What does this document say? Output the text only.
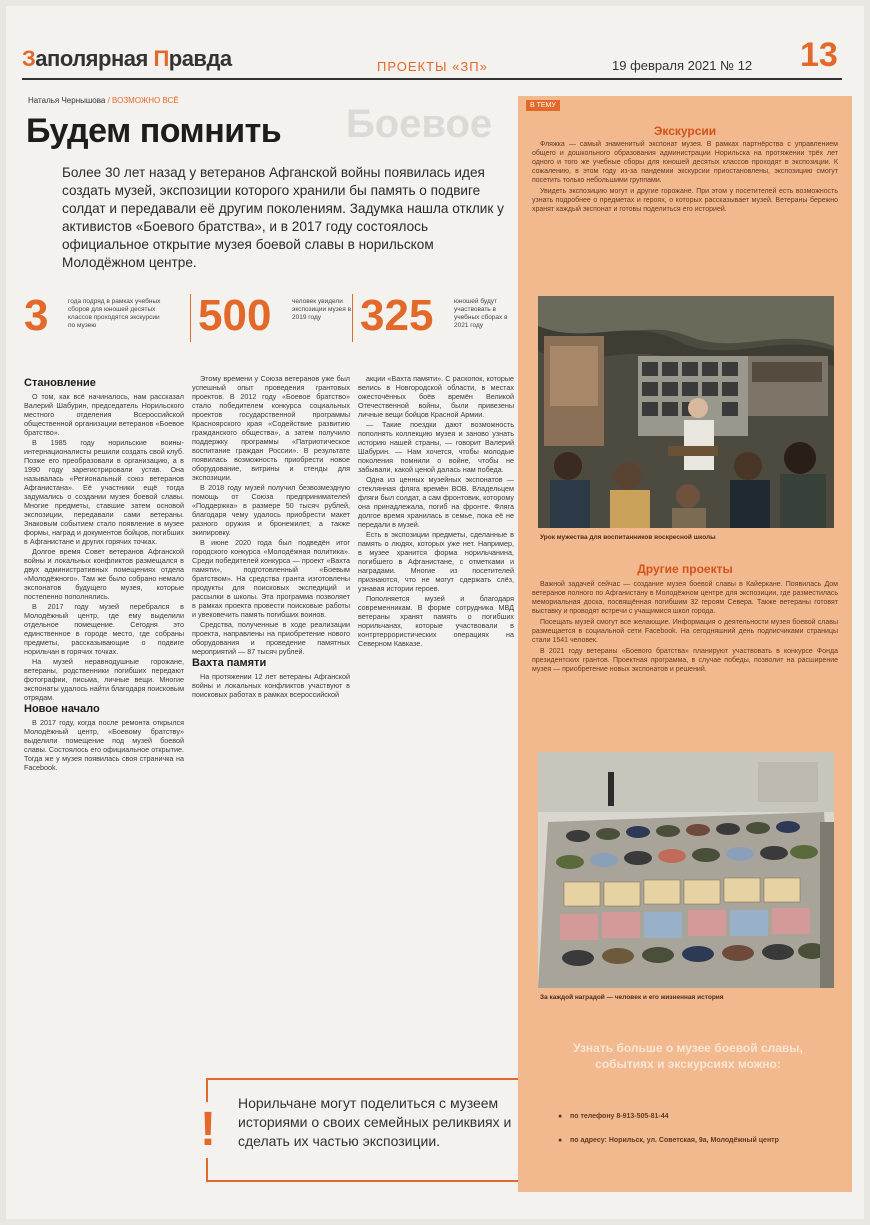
Заполярная Правда	ПРОЕКТЫ «ЗП»	19 февраля 2021 № 12 13
Наталья Чернышова / ВОЗМОЖНО ВСЁ
Боевое
Будем помнить
Более 30 лет назад у ветеранов Афганской войны появилась идея создать музей, экспозиции которого хранили бы память о подвиге солдат и передавали её другим поколениям. Задумка нашла отклик у активистов «Боевого братства», и в 2017 году состоялось официальное открытие музея боевой славы в норильском Молодёжном центре.
3	года подряд в рамках учебных сборов для юношей десятых классов проходятся экскурсии по музею	500	человек увидели экспозиции музея в 2019 году 325	юношей будут участвовать в учебных сборах в 2021 году
Становление

О том, как всё начиналось, нам рассказал Валерий Шабурин, председатель Норильского местного отделения Всероссийской общественной организации ветеранов «Боевое братство».

В 1985 году норильские воины-интернационалисты решили создать свой клуб. Позже его преобразовали в организацию, а в 1990 году зарегистрировали устав. Она называлась «Региональный союз ветеранов Афганистана». Её участники ещё тогда задумались о создании музея боевой славы. Многие предметы, ставшие затем основой экспозиции, передавали сами ветераны. Знаковым событием стало появление в музее формы, наград и документов бойцов, погибших в Афганистане и других горячих точках.

Долгое время Совет ветеранов Афганской войны и локальных конфликтов размещался в двух административных помещениях отдела «Молодёжного». Там же было собрано немало экспонатов будущего музея, которые постепенно пополнялись.

В 2017 году музей перебрался в Молодёжный центр, где ему выделили отдельное помещение. Сегодня это единственное в городе место, где собраны предметы, рассказывающие о подвиге норильчан в горячих точках.

На музей неравнодушные горожане, ветераны, родственники погибших передают фотографии, письма, личные вещи. Многие экспонаты удалось найти благодаря поисковым отрядам.

Новое начало

В 2017 году, когда после ремонта открылся Молодёжный центр, «Боевому братству» выделили помещение под музей боевой славы. Состоялось его официальное открытие. Тогда же у музея появилась своя страничка на Facebook.

Этому времени у Союза ветеранов уже был успешный опыт проведения грантовых проектов. В 2012 году «Боевое братство» стало победителем конкурса социальных проектов государственной программы Красноярского края «Содействие развитию гражданского общества», а затем получило поддержку программы «Патриотическое воспитание граждан России». В результате появилась возможность приобрести новое оборудование, витрины и стенды для экспозиции.

В 2018 году музей получил безвозмездную помощь от Союза предпринимателей «Поддержка» в размере 50 тысяч рублей, благодаря чему удалось приобрести макет разного оружия и бронежилет, а также экипировку.

В июне 2020 года был подведён итог городского конкурса «Молодёжная политика». Среди победителей конкурса — проект «Вахта памяти», подготовленный «Боевым братством». На средства гранта изготовлены продукты для поисковых экспедиций и рассылки в школы. Эта программа позволяет в рамках проекта провести поисковые работы и увековечить память погибших воинов.

Средства, полученные в ходе реализации проекта, направлены на приобретение нового оборудования и проведение памятных мероприятий — 87 тысяч рублей.

Вахта памяти

На протяжении 12 лет ветераны Афганской войны и локальных конфликтов участвуют в поисковых работах в рамках всероссийской

акции «Вахта памяти». С раскопок, которые велись в Новгородской области, в местах ожесточённых боёв времён Великой Отечественной войны, были привезены личные вещи бойцов Красной Армии.

— Такие поездки дают возможность пополнять коллекцию музея и заново узнать историю нашей страны, — говорит Валерий Шабурин. — Нам хочется, чтобы молодые поколения помнили о войне, чтобы не забывали, какой ценой далась нам победа.

Одна из ценных музейных экспонатов — стеклянная фляга времён ВОВ. Владельцем фляги был солдат, а сам фронтовик, которому она принадлежала, погиб на фронте. Фляга долгое время хранилась в семье, пока её не передали в музей.

Есть в экспозиции предметы, сделанные в память о людях, которых уже нет. Например, в музее хранится форма норильчанина, погибшего в Афганистане, с отметками и наградами. Многие из посетителей признаются, что не могут сдержать слёз, узнавая истории героев.

Пополняется музей и благодаря современникам. В форме сотрудника МВД ветераны хранят память о погибших норильчанах, которые участвовали в контртеррористических операциях на Северном Кавказе.

! Норильчане могут поделиться с музеем историями о своих семейных реликвиях и сделать их частью экспозиции.
В ТЕМУ
Экскурсии

Фляжка — самый знаменитый экспонат музея. В рамках партнёрства с управлением общего и дошкольного образования администрации Норильска на протяжении трёх лет одного и того же учебные сборы для юношей десятых классов проходят в экспозиции. К сожалению, в этом году из-за пандемии экскурсии приостановлены, экспозицию смогут посетить только небольшими группами.

Увидеть экспозицию могут и другие горожане. При этом у посетителей есть возможность узнать подробнее о предметах и героях, о которых рассказывает музей. Ветераны бережно хранят каждый экспонат и готовы поделиться его историей.

Урок мужества для воспитанников воскресной школы
Другие проекты

Важной задачей сейчас — создание музея боевой славы в Кайеркане. Появилась Дом ветеранов полного по Афганистану в Молодёжном центре для экспозиции, где разместилась мемориальная доска, посвящённая погибшим 32 героям Севера. Также ветераны готовят выставку и проводят встречи с учащимися школ города.

Посещать музей смогут все желающие. Информация о деятельности музея боевой славы размещается в социальной сети Facebook. На сегодняшний день подписчиками страницы стали 1541 человек.

В 2021 году ветераны «Боевого братства» планируют участвовать в конкурсе Фонда президентских грантов. Проектная программа, в случае победы, позволит на расширение музея — приобретение новых экспонатов и решений.

За каждой наградой — человек и его жизненная история
Узнать больше о музее боевой славы, событиях и экскурсиях можно:
● по телефону 8-913-505-81-44
● по адресу: Норильск, ул. Советская, 9а, Молодёжный центр
